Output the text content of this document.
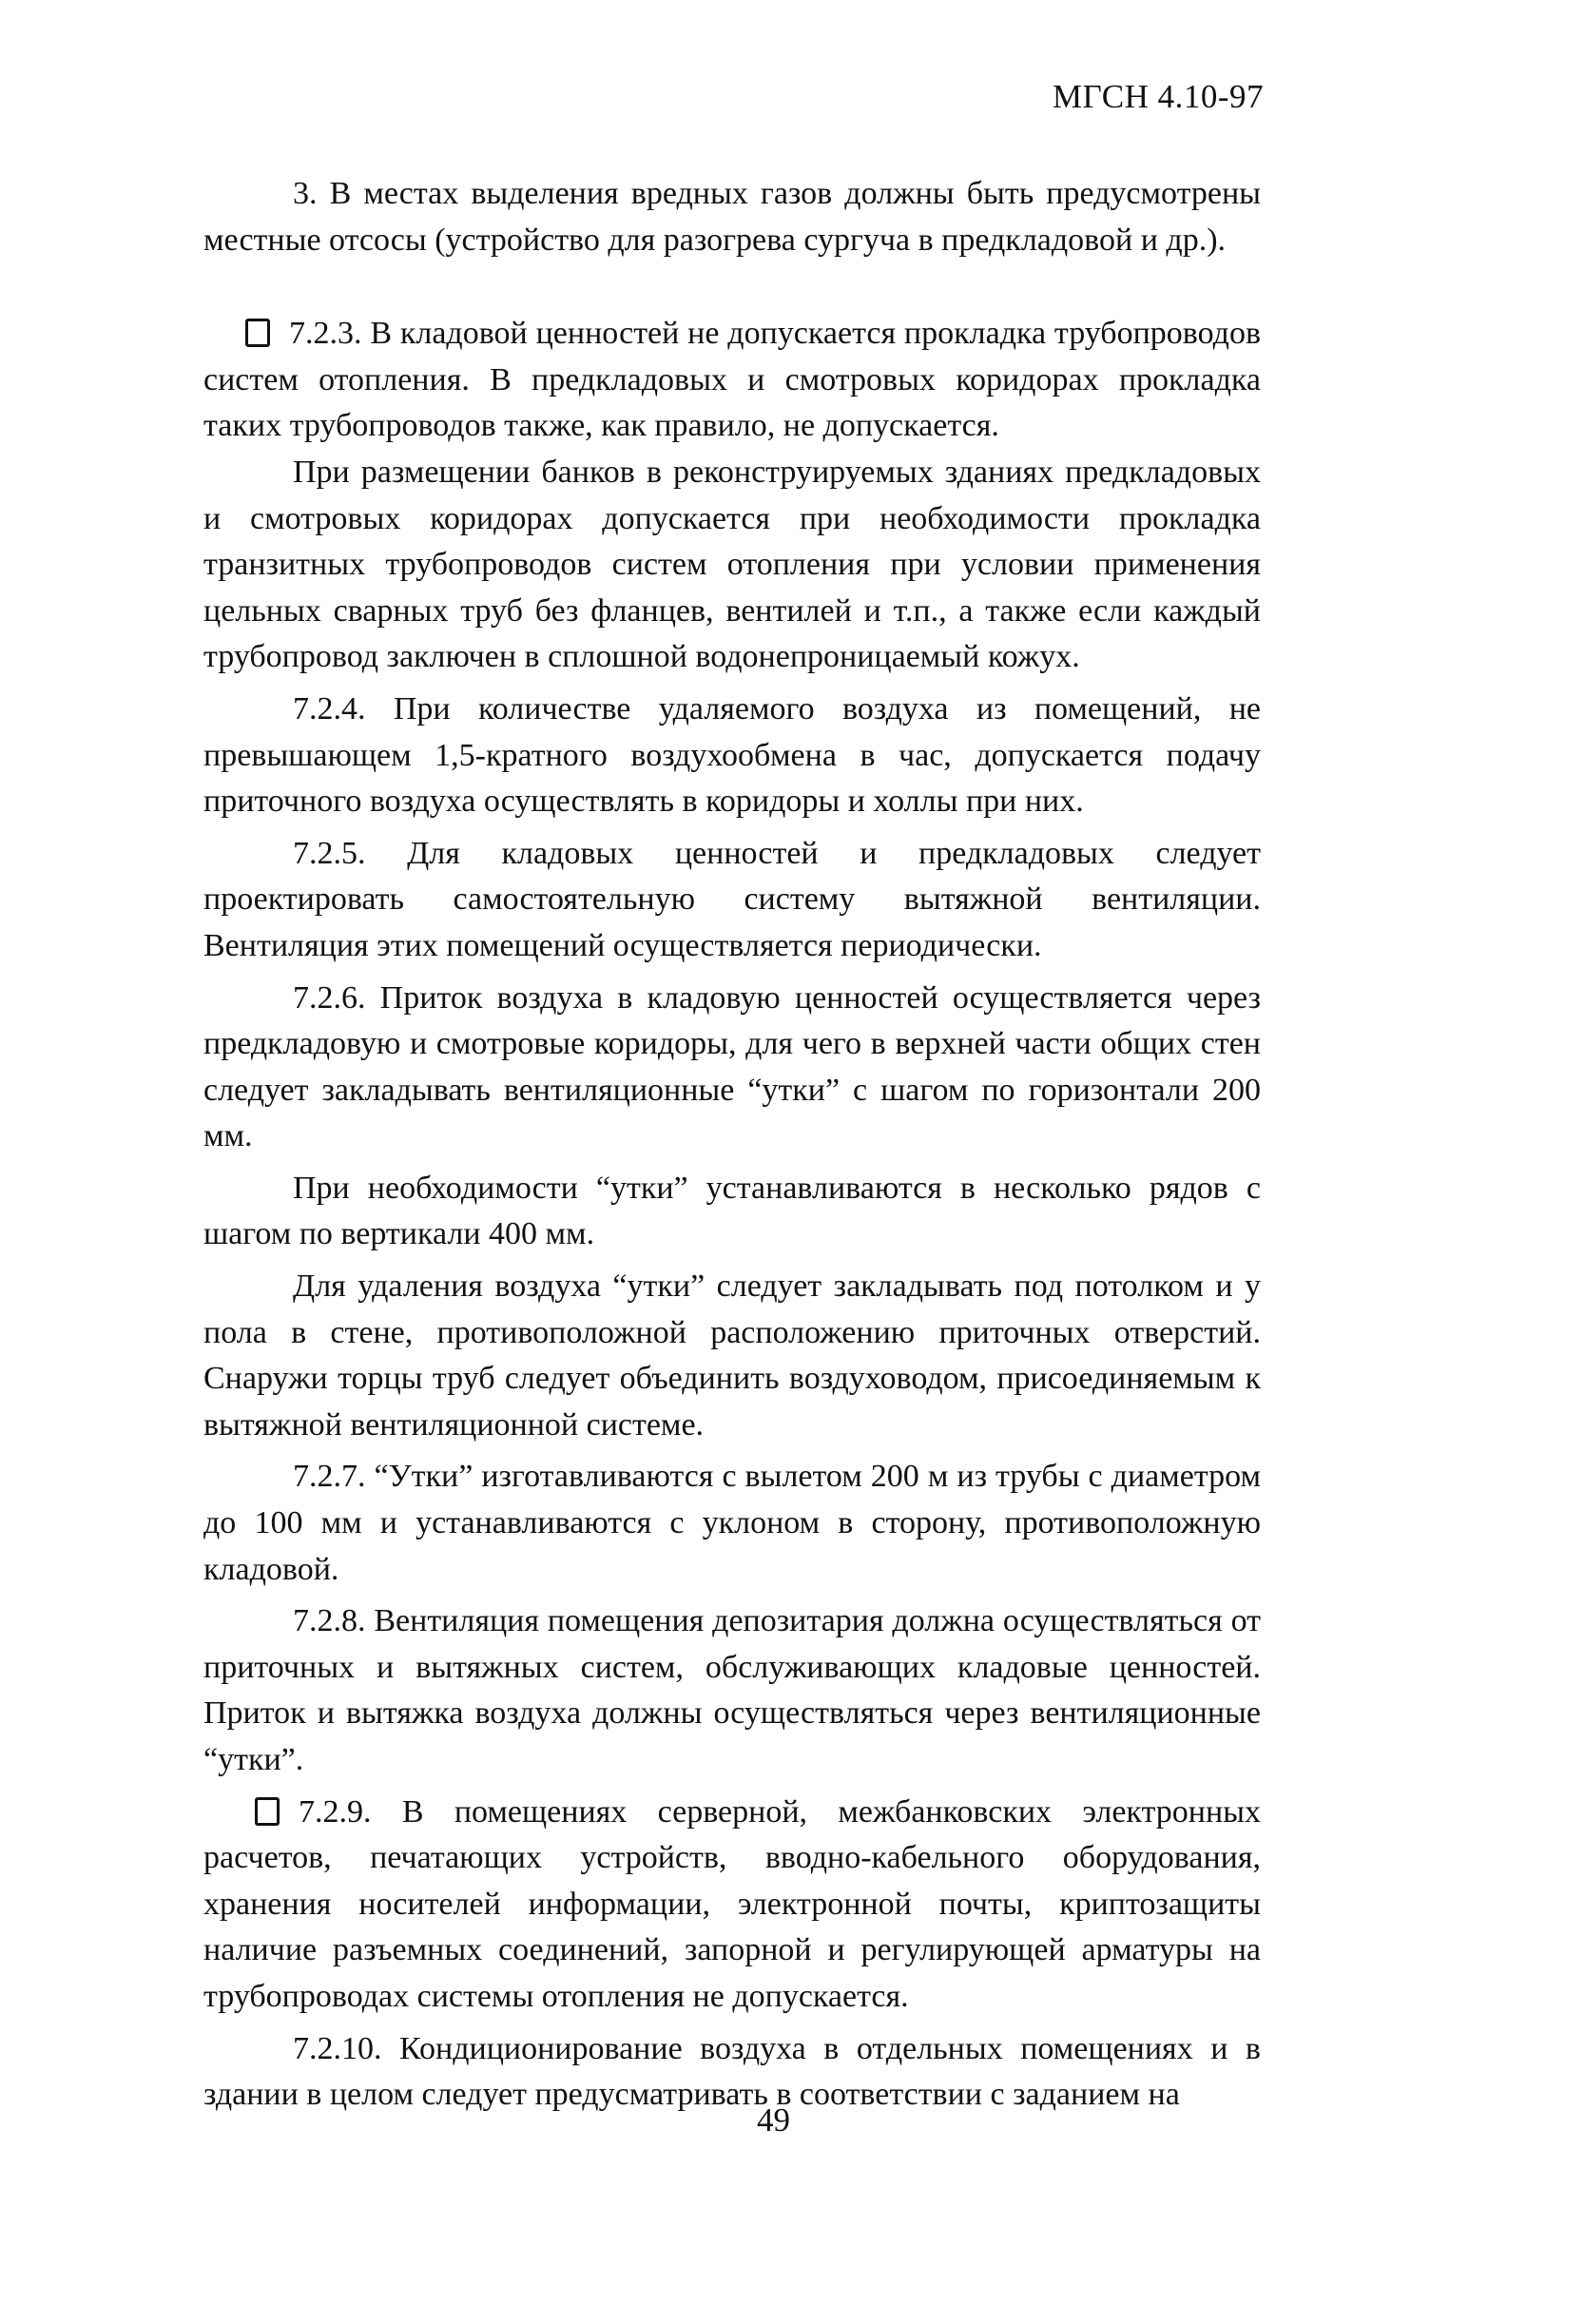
МГСН 4.10-97

3. В местах выделения вредных газов должны быть предусмотрены местные отсосы (устройство для разогрева сургуча в предкладовой и др.).

7.2.3. В кладовой ценностей не допускается прокладка трубопроводов систем отопления. В предкладовых и смотровых коридорах прокладка таких трубопроводов также, как правило, не допускается.

При размещении банков в реконструируемых зданиях предкладовых и смотровых коридорах допускается при необходимости прокладка транзитных трубопроводов систем отопления при условии применения цельных сварных труб без фланцев, вентилей и т.п., а также если каждый трубопровод заключен в сплошной водонепроницаемый кожух.

7.2.4. При количестве удаляемого воздуха из помещений, не превышающем 1,5-кратного воздухообмена в час, допускается подачу приточного воздуха осуществлять в коридоры и холлы при них.

7.2.5. Для кладовых ценностей и предкладовых следует проектировать самостоятельную систему вытяжной вентиляции. Вентиляция этих помещений осуществляется периодически.

7.2.6. Приток воздуха в кладовую ценностей осуществляется через предкладовую и смотровые коридоры, для чего в верхней части общих стен следует закладывать вентиляционные “утки” с шагом по горизонтали 200 мм.

При необходимости “утки” устанавливаются в несколько рядов с шагом по вертикали 400 мм.

Для удаления воздуха “утки” следует закладывать под потолком и у пола в стене, противоположной расположению приточных отверстий. Снаружи торцы труб следует объединить воздуховодом, присоединяемым к вытяжной вентиляционной системе.

7.2.7. “Утки” изготавливаются с вылетом 200 м из трубы с диаметром до 100 мм и устанавливаются с уклоном в сторону, противоположную кладовой.

7.2.8. Вентиляция помещения депозитария должна осуществляться от приточных и вытяжных систем, обслуживающих кладовые ценностей. Приток и вытяжка воздуха должны осуществляться через вентиляционные “утки”.

7.2.9. В помещениях серверной, межбанковских электронных расчетов, печатающих устройств, вводно-кабельного оборудования, хранения носителей информации, электронной почты, криптозащиты наличие разъемных соединений, запорной и регулирующей арматуры на трубопроводах системы отопления не допускается.

7.2.10. Кондиционирование воздуха в отдельных помещениях и в здании в целом следует предусматривать в соответствии с заданием на

49
